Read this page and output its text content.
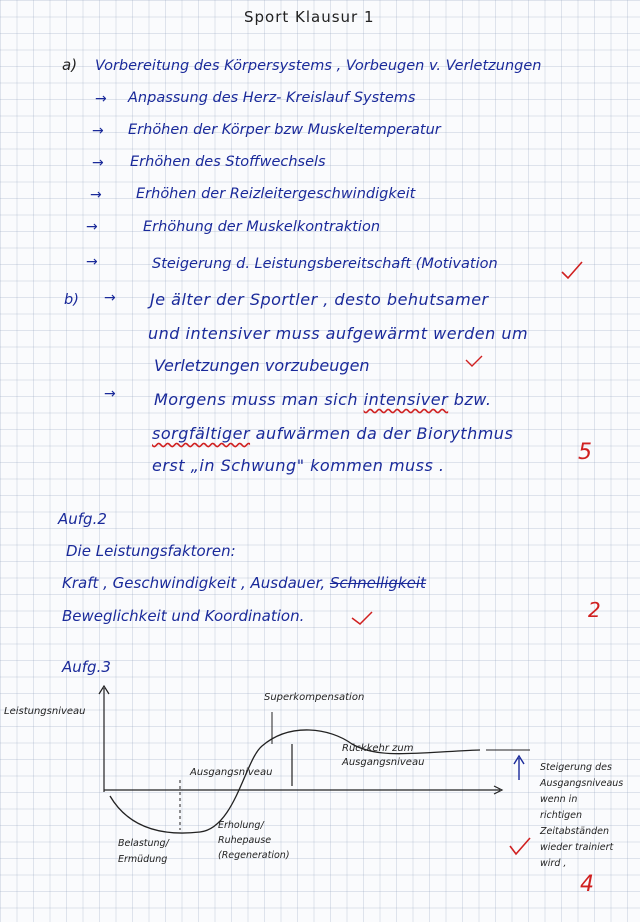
Sport Klausur 1
a) Vorbereitung des Körpersystems , Vorbeugen v. Verletzungen
→ Anpassung des Herz- Kreislauf Systems
→ Erhöhen der Körper bzw Muskeltemperatur
→ Erhöhen des Stoffwechsels
→ Erhöhen der Reizleitergeschwindigkeit
→	Erhöhung der Muskelkontraktion
→	Steigerung d. Leistungsbereitschaft (Motivation
b) → Je älter der Sportler , desto behutsamer
und intensiver muss aufgewärmt werden um
Verletzungen vorzubeugen
→ Morgens muss man sich intensiver bzw.
sorgfältiger aufwärmen da der Biorythmus
erst „in Schwung" kommen muss .
5
Aufg.2
Die Leistungsfaktoren:
Kraft , Geschwindigkeit , Ausdauer, Schnelligkeit
Beweglichkeit und Koordination.	2
Aufg.3
Leistungsniveau
Superkompensation
Rückkehr zum
Ausgangsniveau
Ausgangsniveau
Belastung/
Ermüdung
Erholung/
Ruhepause
(Regeneration)
Steigerung des
Ausgangsniveaus
wenn in
richtigen
Zeitabständen
wieder trainiert
wird ,
4
